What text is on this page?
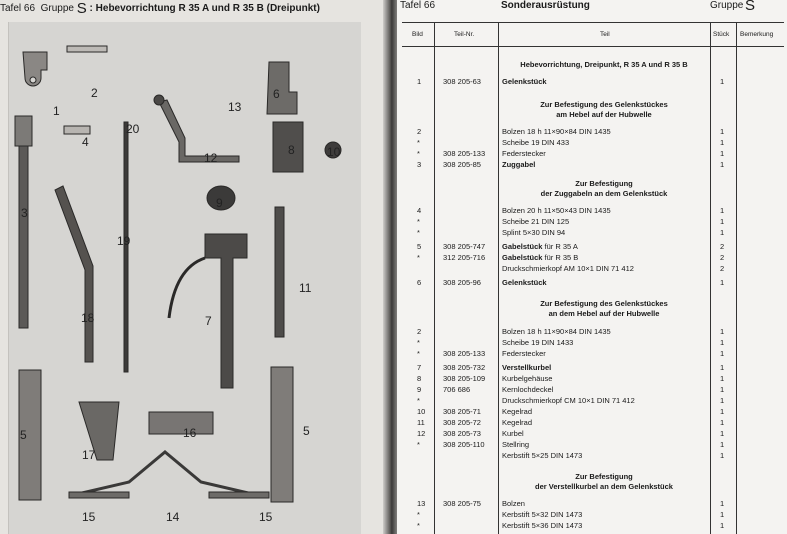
Tafel 66 Gruppe S : Hebevorrichtung R 35 A und R 35 B (Dreipunkt)
1
2
3
4
5	5
6
7
8
9
10
11
12
13
14
15	15
16
17
18
19
20
Tafel 66	Sonderausrüstung	Gruppe S
Bild	Teil-Nr.	Teil	Stück Bemerkung
Hebevorrichtung, Dreipunkt, R 35 A und R 35 B
1	308 205-63	Gelenkstück	1
Zur Befestigung des Gelenkstückes
am Hebel auf der Hubwelle
2	Bolzen 18 h 11×90×84 DIN 1435	1
*	Scheibe 19 DIN 433	1
*	308 205-133 Federstecker	1
3	308 205-85	Zuggabel	1
Zur Befestigung
der Zuggabeln an dem Gelenkstück
4	Bolzen 20 h 11×50×43 DIN 1435	1
*	Scheibe 21 DIN 125	1
*	Splint 5×30 DIN 94	1
5	308 205-747 Gabelstück für R 35 A	2
*	312 205-716 Gabelstück für R 35 B	2
Druckschmierkopf AM 10×1 DIN 71 412	2
6	308 205-96	Gelenkstück	1
Zur Befestigung des Gelenkstückes
an dem Hebel auf der Hubwelle
2	Bolzen 18 h 11×90×84 DIN 1435	1
*	Scheibe 19 DIN 1433	1
*	308 205-133 Federstecker	1
7	308 205-732 Verstellkurbel	1
8	308 205-109 Kurbelgehäuse	1
9	706 686	Kernlochdeckel	1
*	Druckschmierkopf CM 10×1 DIN 71 412	1
10 308 205-71	Kegelrad	1
11 308 205-72	Kegelrad	1
12 308 205-73	Kurbel	1
*	308 205-110 Stellring	1
Kerbstift 5×25 DIN 1473	1
Zur Befestigung
der Verstellkurbel an dem Gelenkstück
13 308 205-75	Bolzen	1
*	Kerbstift 5×32 DIN 1473	1
*	Kerbstift 5×36 DIN 1473	1
